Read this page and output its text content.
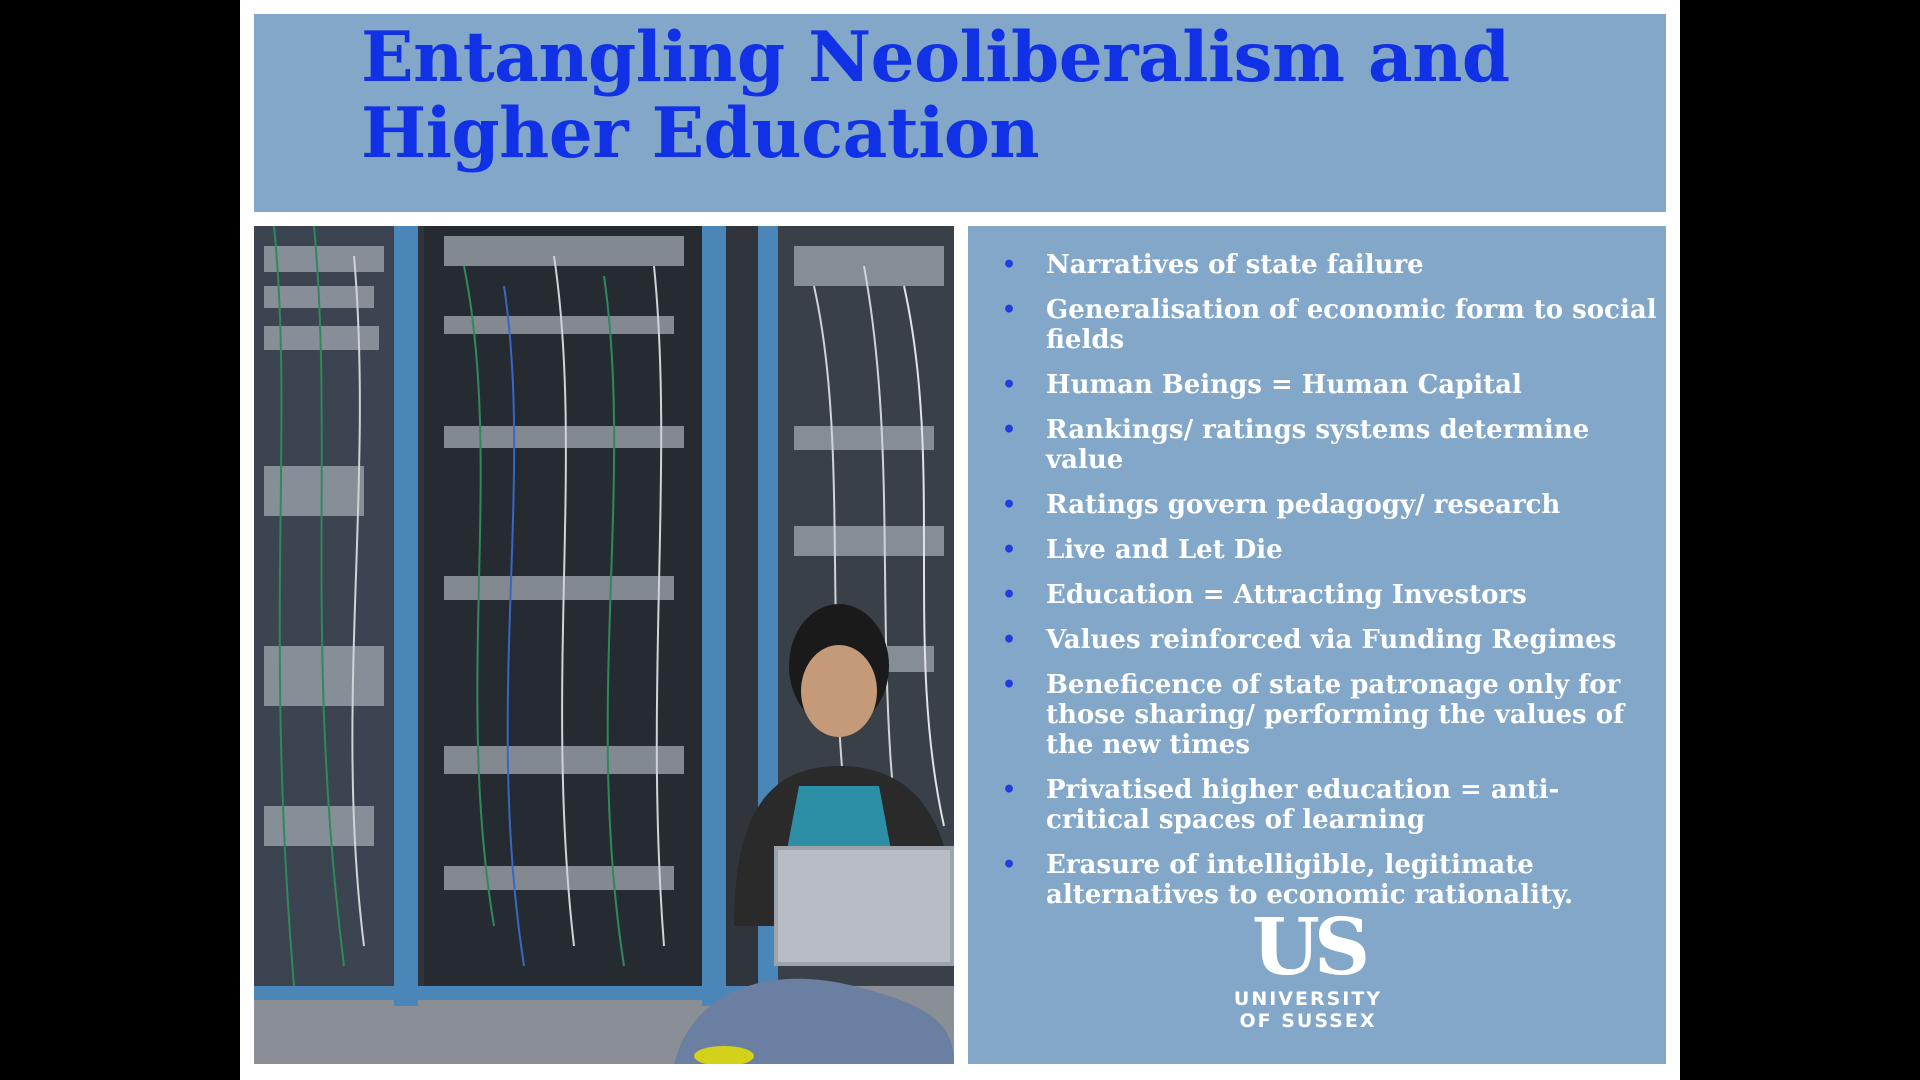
Entangling Neoliberalism and Higher Education
• Narratives of state failure
• Generalisation of economic form to social fields
• Human Beings = Human Capital
• Rankings/ ratings systems determine value
• Ratings govern pedagogy/ research
• Live and Let Die
• Education = Attracting Investors
• Values reinforced via Funding Regimes
• Beneficence of state patronage only for those sharing/ performing the values of the new times
• Privatised higher education = anti-critical spaces of learning
• Erasure of intelligible, legitimate alternatives to economic rationality.
US
UNIVERSITY
OF SUSSEX
